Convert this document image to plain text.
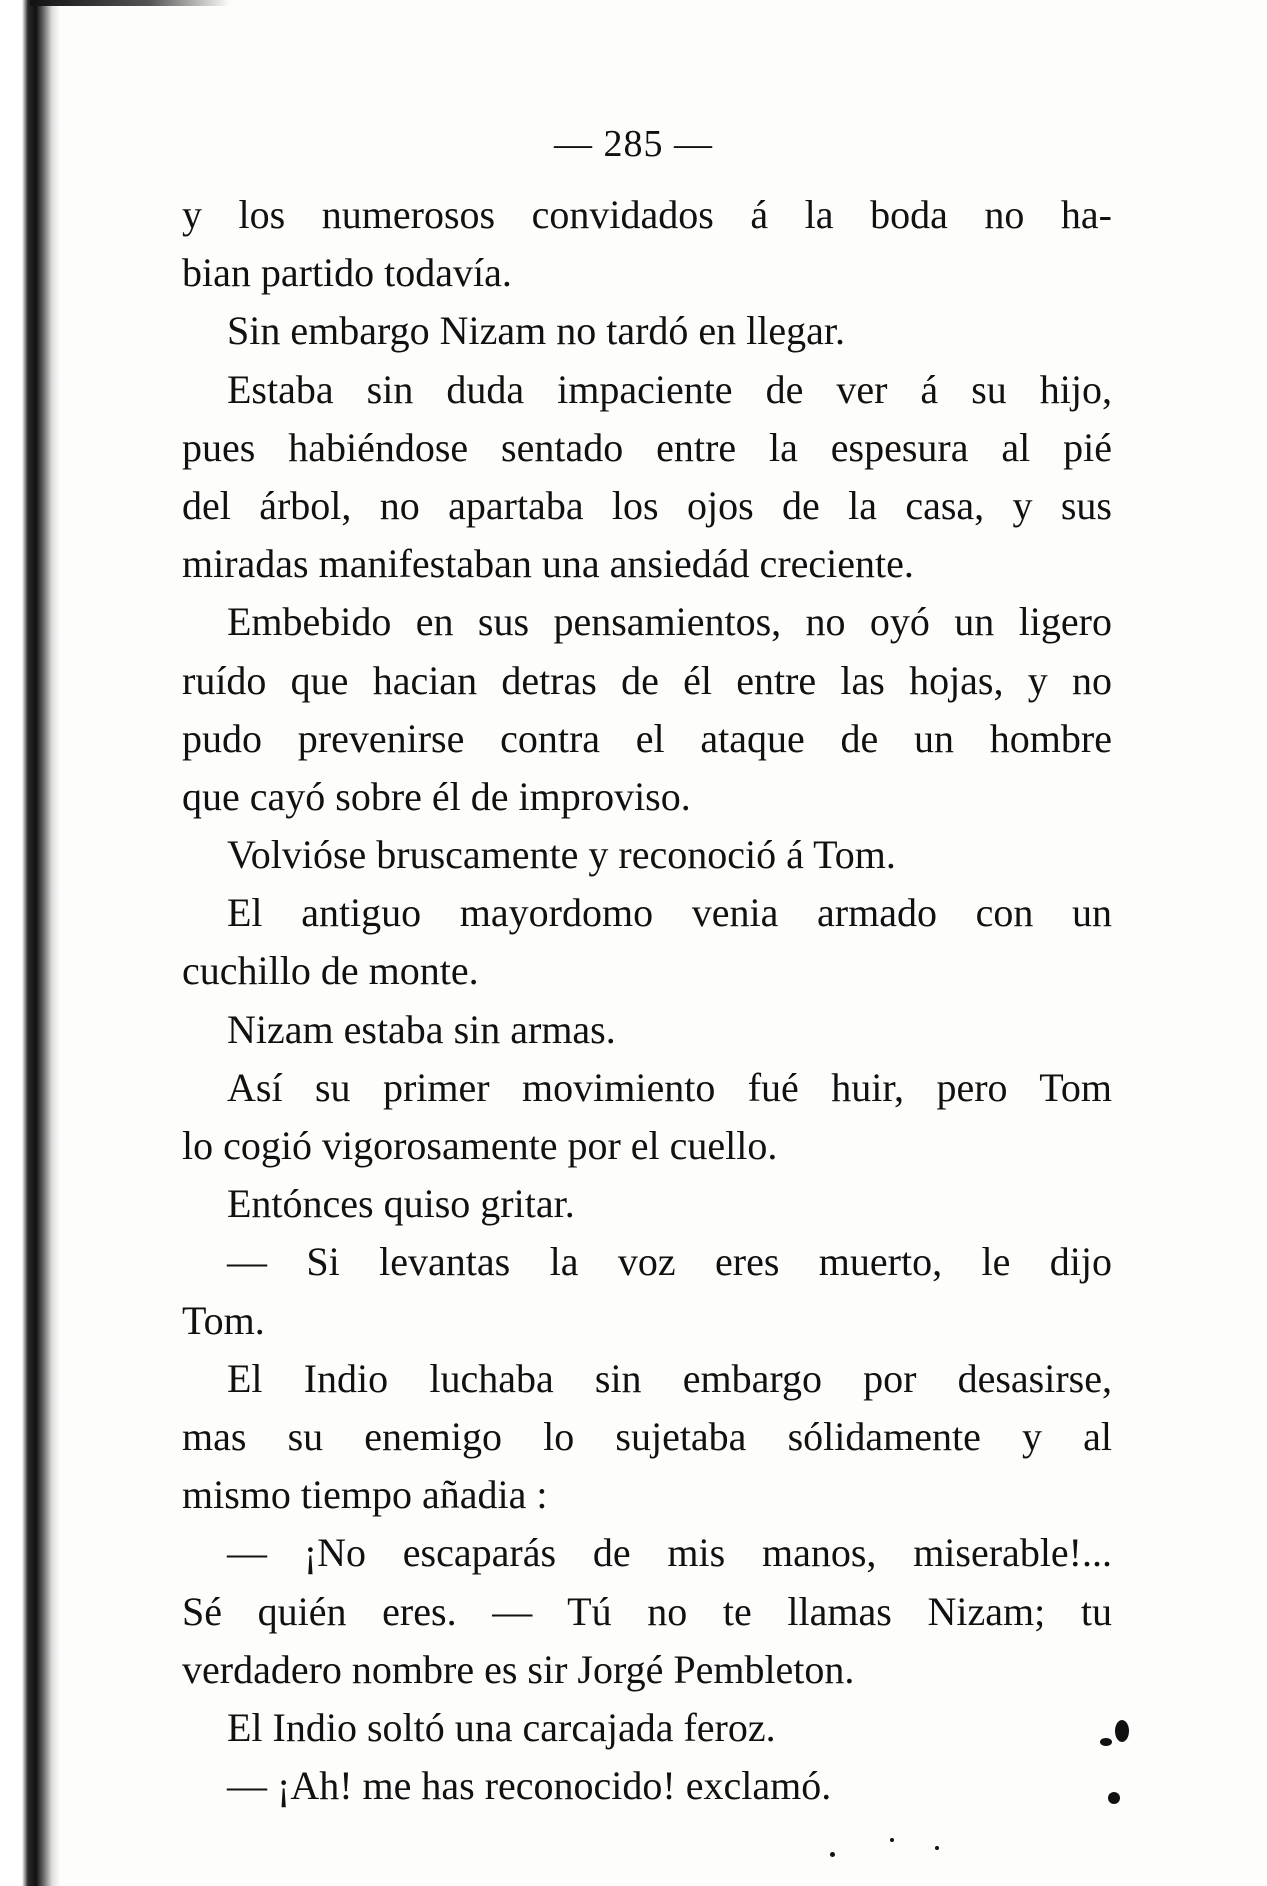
— 285 —
y los numerosos convidados á la boda no ha-
bian partido todavía.
Sin embargo Nizam no tardó en llegar.
Estaba sin duda impaciente de ver á su hijo,
pues habiéndose sentado entre la espesura al pié
del árbol, no apartaba los ojos de la casa, y sus
miradas manifestaban una ansiedád creciente.
Embebido en sus pensamientos, no oyó un ligero
ruído que hacian detras de él entre las hojas, y no
pudo prevenirse contra el ataque de un hombre
que cayó sobre él de improviso.
Volvióse bruscamente y reconoció á Tom.
El antiguo mayordomo venia armado con un
cuchillo de monte.
Nizam estaba sin armas.
Así su primer movimiento fué huir, pero Tom
lo cogió vigorosamente por el cuello.
Entónces quiso gritar.
— Si levantas la voz eres muerto, le dijo
Tom.
El Indio luchaba sin embargo por desasirse,
mas su enemigo lo sujetaba sólidamente y al
mismo tiempo añadia :
— ¡No escaparás de mis manos, miserable!...
Sé quién eres. — Tú no te llamas Nizam; tu
verdadero nombre es sir Jorgé Pembleton.
El Indio soltó una carcajada feroz.
— ¡Ah! me has reconocido! exclamó.
